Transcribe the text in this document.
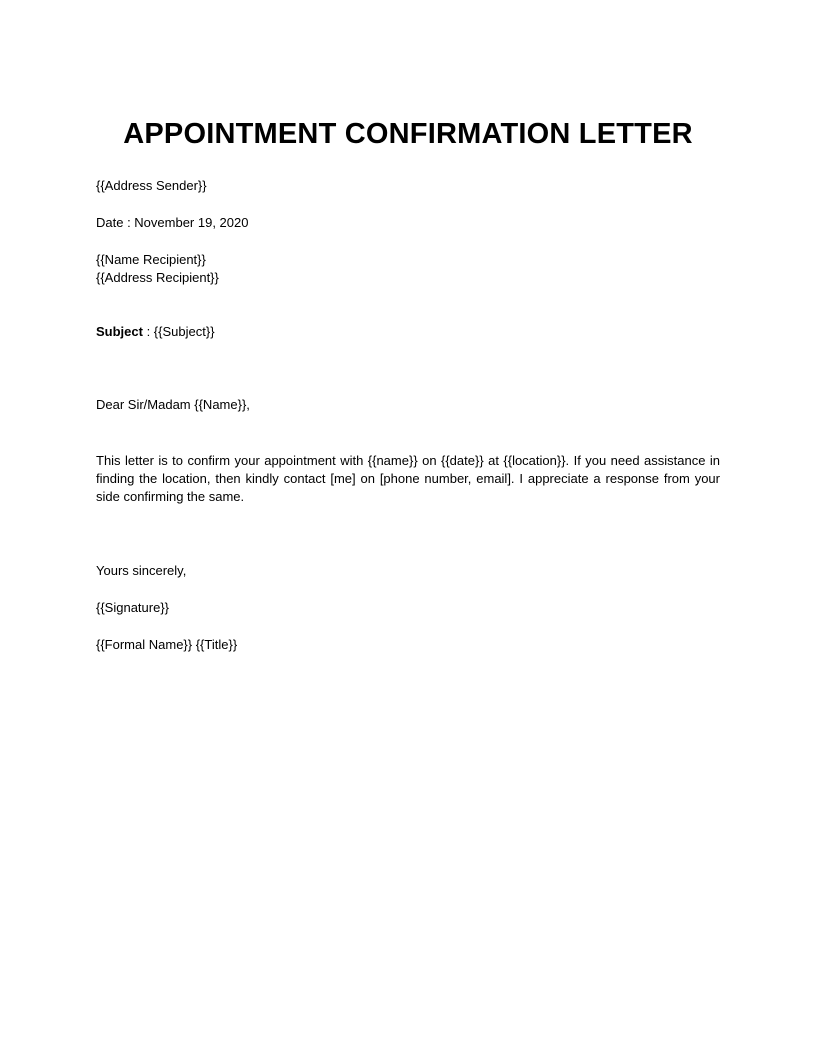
APPOINTMENT CONFIRMATION LETTER
{{Address Sender}}
Date : November 19, 2020
{{Name Recipient}}
{{Address Recipient}}
Subject : {{Subject}}
Dear Sir/Madam {{Name}},
This letter is to confirm your appointment with {{name}} on {{date}} at {{location}}. If you need assistance in finding the location, then kindly contact [me] on [phone number, email]. I appreciate a response from your side confirming the same.
Yours sincerely,
{{Signature}}
{{Formal Name}} {{Title}}
